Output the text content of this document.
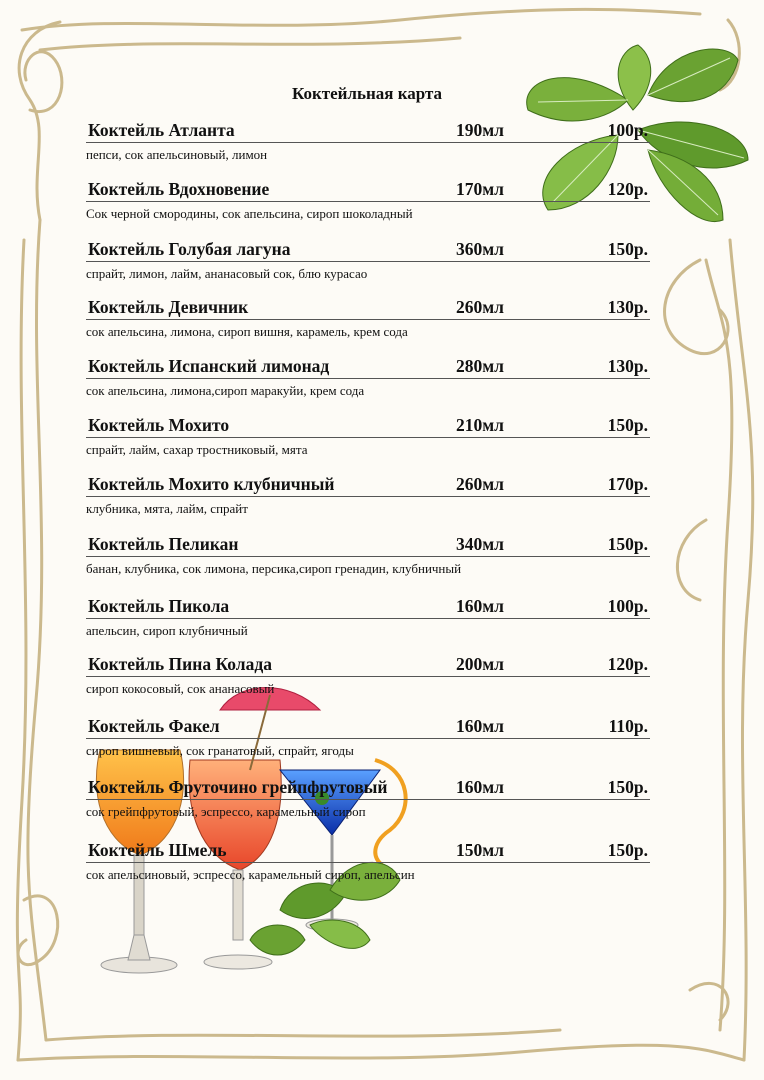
Коктейльная карта
Коктейль Атланта	190мл	100р.
пепси, сок апельсиновый, лимон
Коктейль Вдохновение	170мл	120р.
Сок черной смородины, сок апельсина, сироп шоколадный
Коктейль Голубая лагуна	360мл	150р.
спрайт, лимон, лайм, ананасовый сок, блю курасао
Коктейль Девичник	260мл	130р.
сок апельсина, лимона, сироп вишня, карамель, крем сода
Коктейль Испанский лимонад	280мл	130р.
сок апельсина, лимона,сироп маракуйи, крем сода
Коктейль Мохито	210мл	150р.
спрайт, лайм, сахар тростниковый, мята
Коктейль Мохито клубничный	260мл	170р.
клубника, мята, лайм, спрайт
Коктейль Пеликан	340мл	150р.
банан, клубника, сок лимона, персика,сироп гренадин, клубничный
Коктейль Пикола	160мл	100р.
апельсин, сироп клубничный
Коктейль Пина Колада	200мл	120р.
сироп кокосовый, сок ананасовый
Коктейль Факел	160мл	110р.
сироп вишневый, сок гранатовый, спрайт, ягоды
Коктейль Фруточино грейпфрутовый	160мл	150р.
сок грейпфрутовый, эспрессо, карамельный сироп
Коктейль Шмель	150мл	150р.
сок апельсиновый, эспрессо, карамельный сироп, апельсин
